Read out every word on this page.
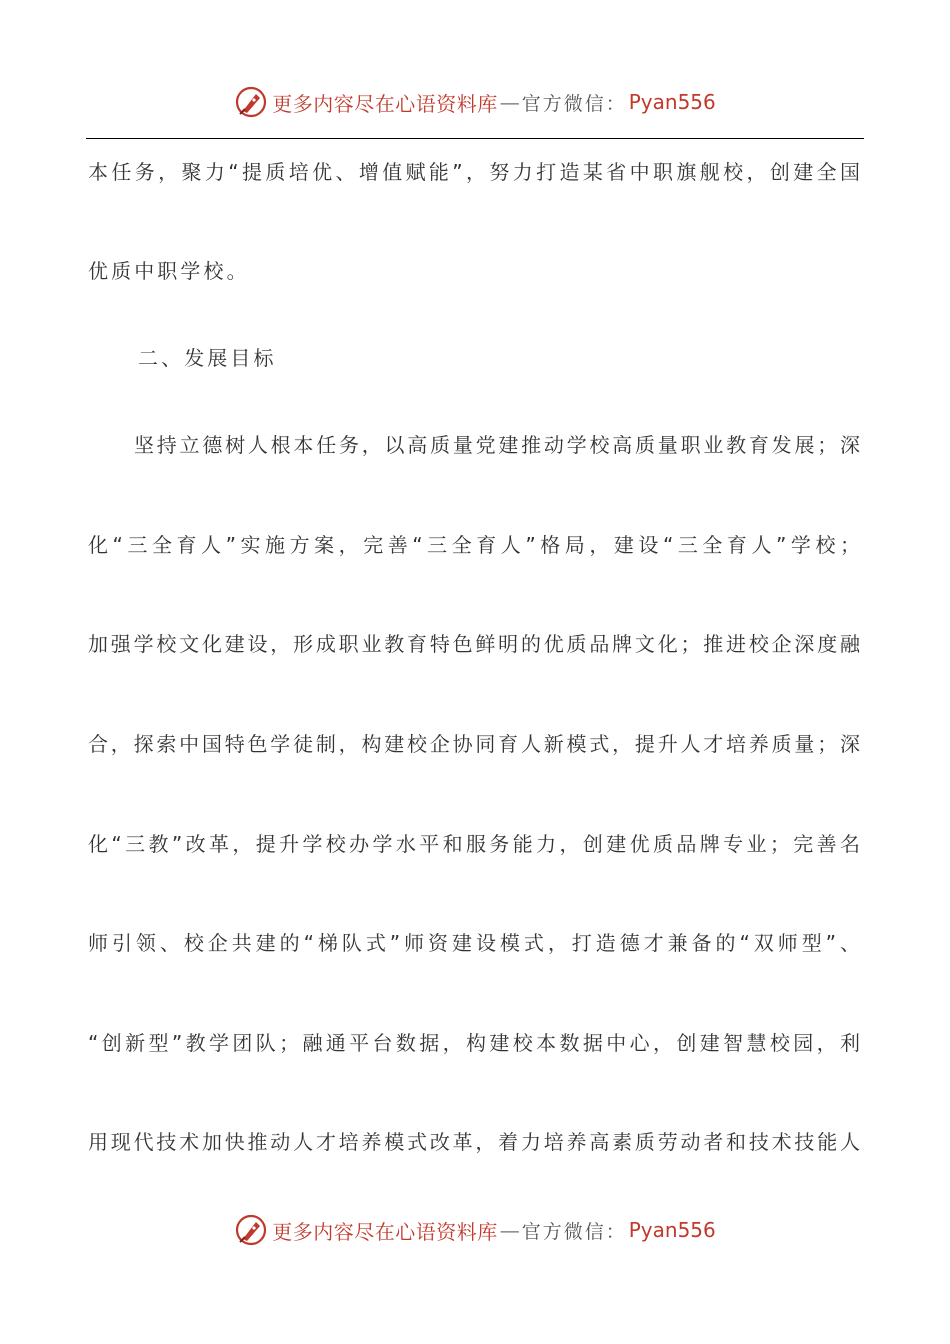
更多内容尽在心语资料库 — 官方微信： Pyan556
本任务，聚力“提质培优、增值赋能”，努力打造某省中职旗舰校，创建全国
优质中职学校。
二、发展目标
坚持立德树人根本任务，以高质量党建推动学校高质量职业教育发展；深
化“三全育人”实施方案，完善“三全育人”格局，建设“三全育人”学校；
加强学校文化建设，形成职业教育特色鲜明的优质品牌文化；推进校企深度融
合，探索中国特色学徒制，构建校企协同育人新模式，提升人才培养质量；深
化“三教”改革，提升学校办学水平和服务能力，创建优质品牌专业；完善名
师引领、校企共建的“梯队式”师资建设模式，打造德才兼备的“双师型”、
“创新型”教学团队；融通平台数据，构建校本数据中心，创建智慧校园，利
用现代技术加快推动人才培养模式改革，着力培养高素质劳动者和技术技能人
更多内容尽在心语资料库 — 官方微信： Pyan556
